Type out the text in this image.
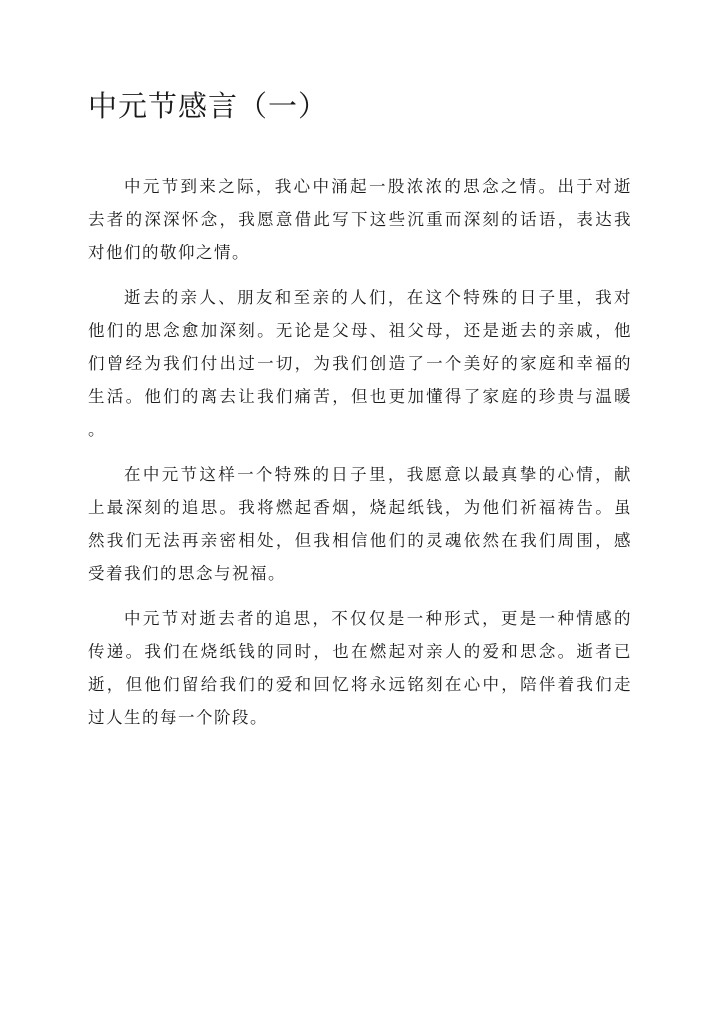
中元节感言（一）

中元节到来之际，我心中涌起一股浓浓的思念之情。出于对逝
去者的深深怀念，我愿意借此写下这些沉重而深刻的话语，表达我
对他们的敬仰之情。

逝去的亲人、朋友和至亲的人们，在这个特殊的日子里，我对
他们的思念愈加深刻。无论是父母、祖父母，还是逝去的亲戚，他
们曾经为我们付出过一切，为我们创造了一个美好的家庭和幸福的
生活。他们的离去让我们痛苦，但也更加懂得了家庭的珍贵与温暖
。

在中元节这样一个特殊的日子里，我愿意以最真挚的心情，献
上最深刻的追思。我将燃起香烟，烧起纸钱，为他们祈福祷告。虽
然我们无法再亲密相处，但我相信他们的灵魂依然在我们周围，感
受着我们的思念与祝福。

中元节对逝去者的追思，不仅仅是一种形式，更是一种情感的
传递。我们在烧纸钱的同时，也在燃起对亲人的爱和思念。逝者已
逝，但他们留给我们的爱和回忆将永远铭刻在心中，陪伴着我们走
过人生的每一个阶段。
